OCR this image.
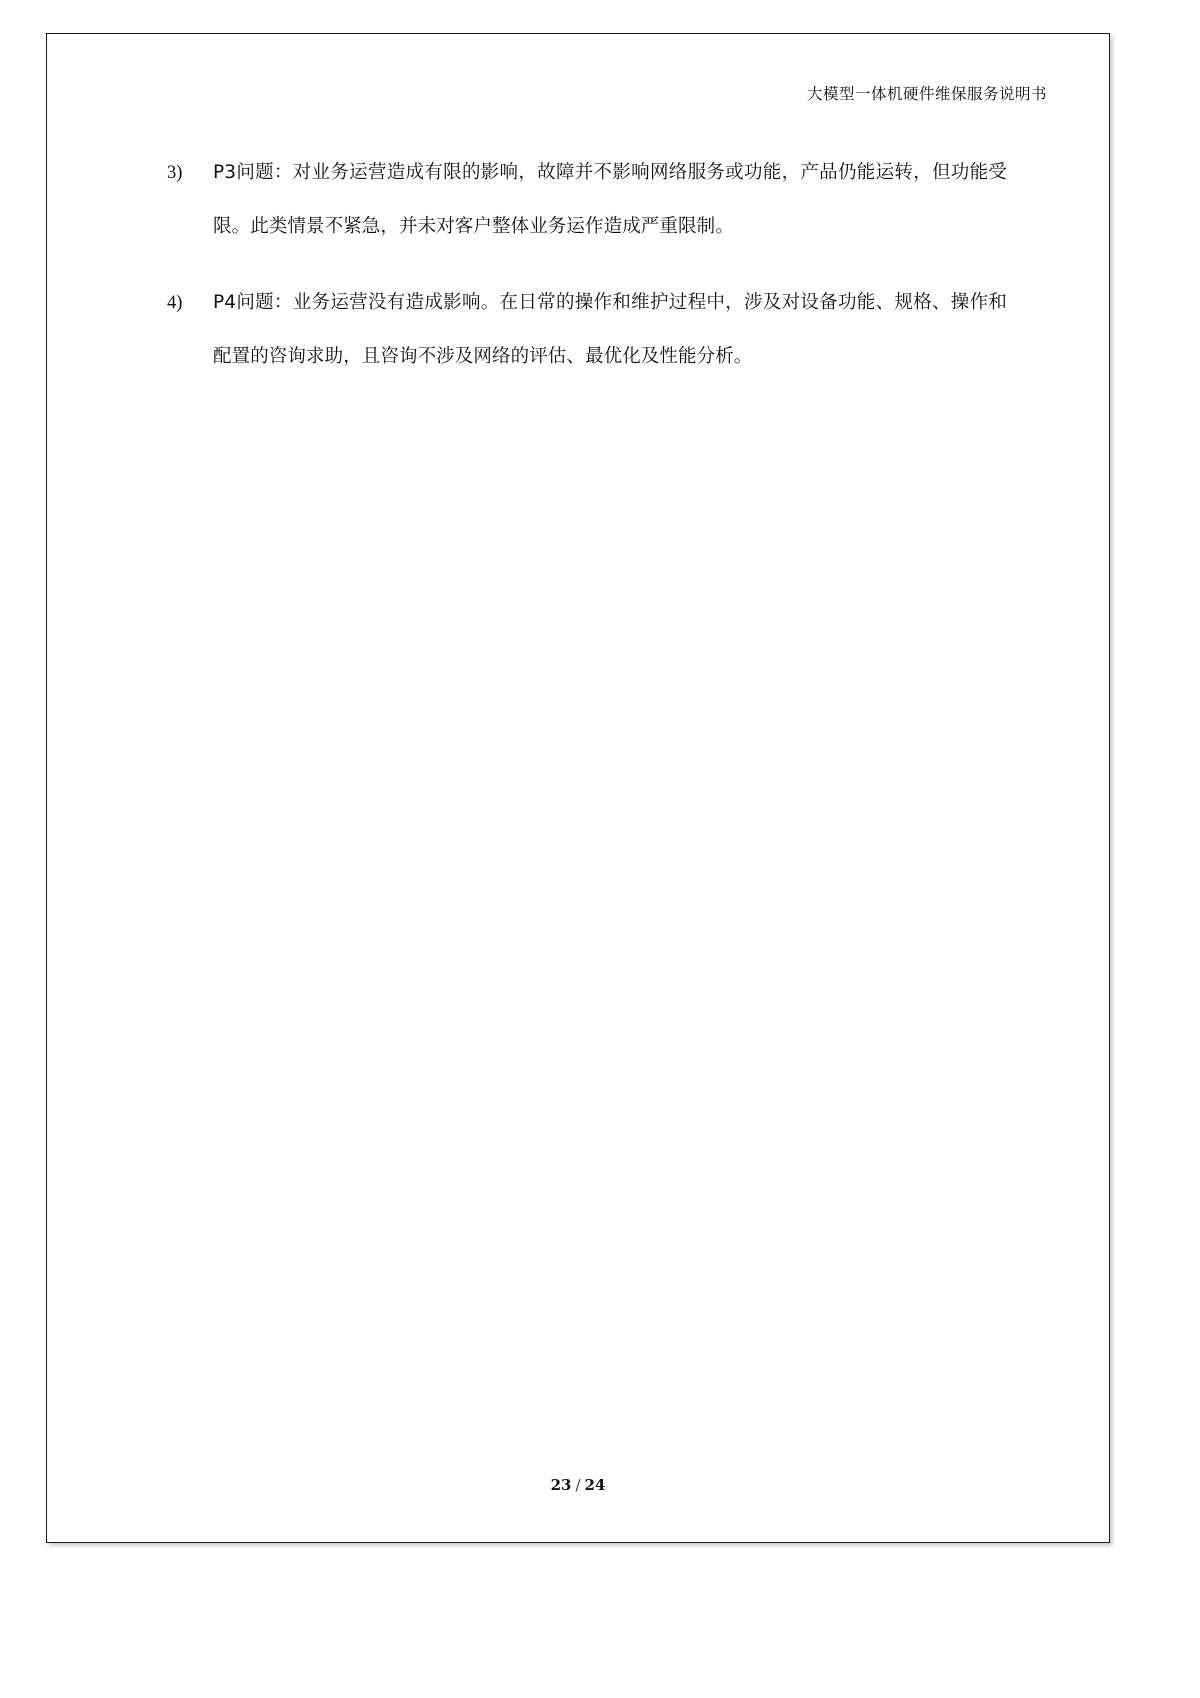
大模型一体机硬件维保服务说明书
3)	P3问题：对业务运营造成有限的影响，故障并不影响网络服务或功能，产品仍能运转，但功能受限。此类情景不紧急，并未对客户整体业务运作造成严重限制。
4)	P4问题：业务运营没有造成影响。在日常的操作和维护过程中，涉及对设备功能、规格、操作和配置的咨询求助，且咨询不涉及网络的评估、最优化及性能分析。
23 / 24
